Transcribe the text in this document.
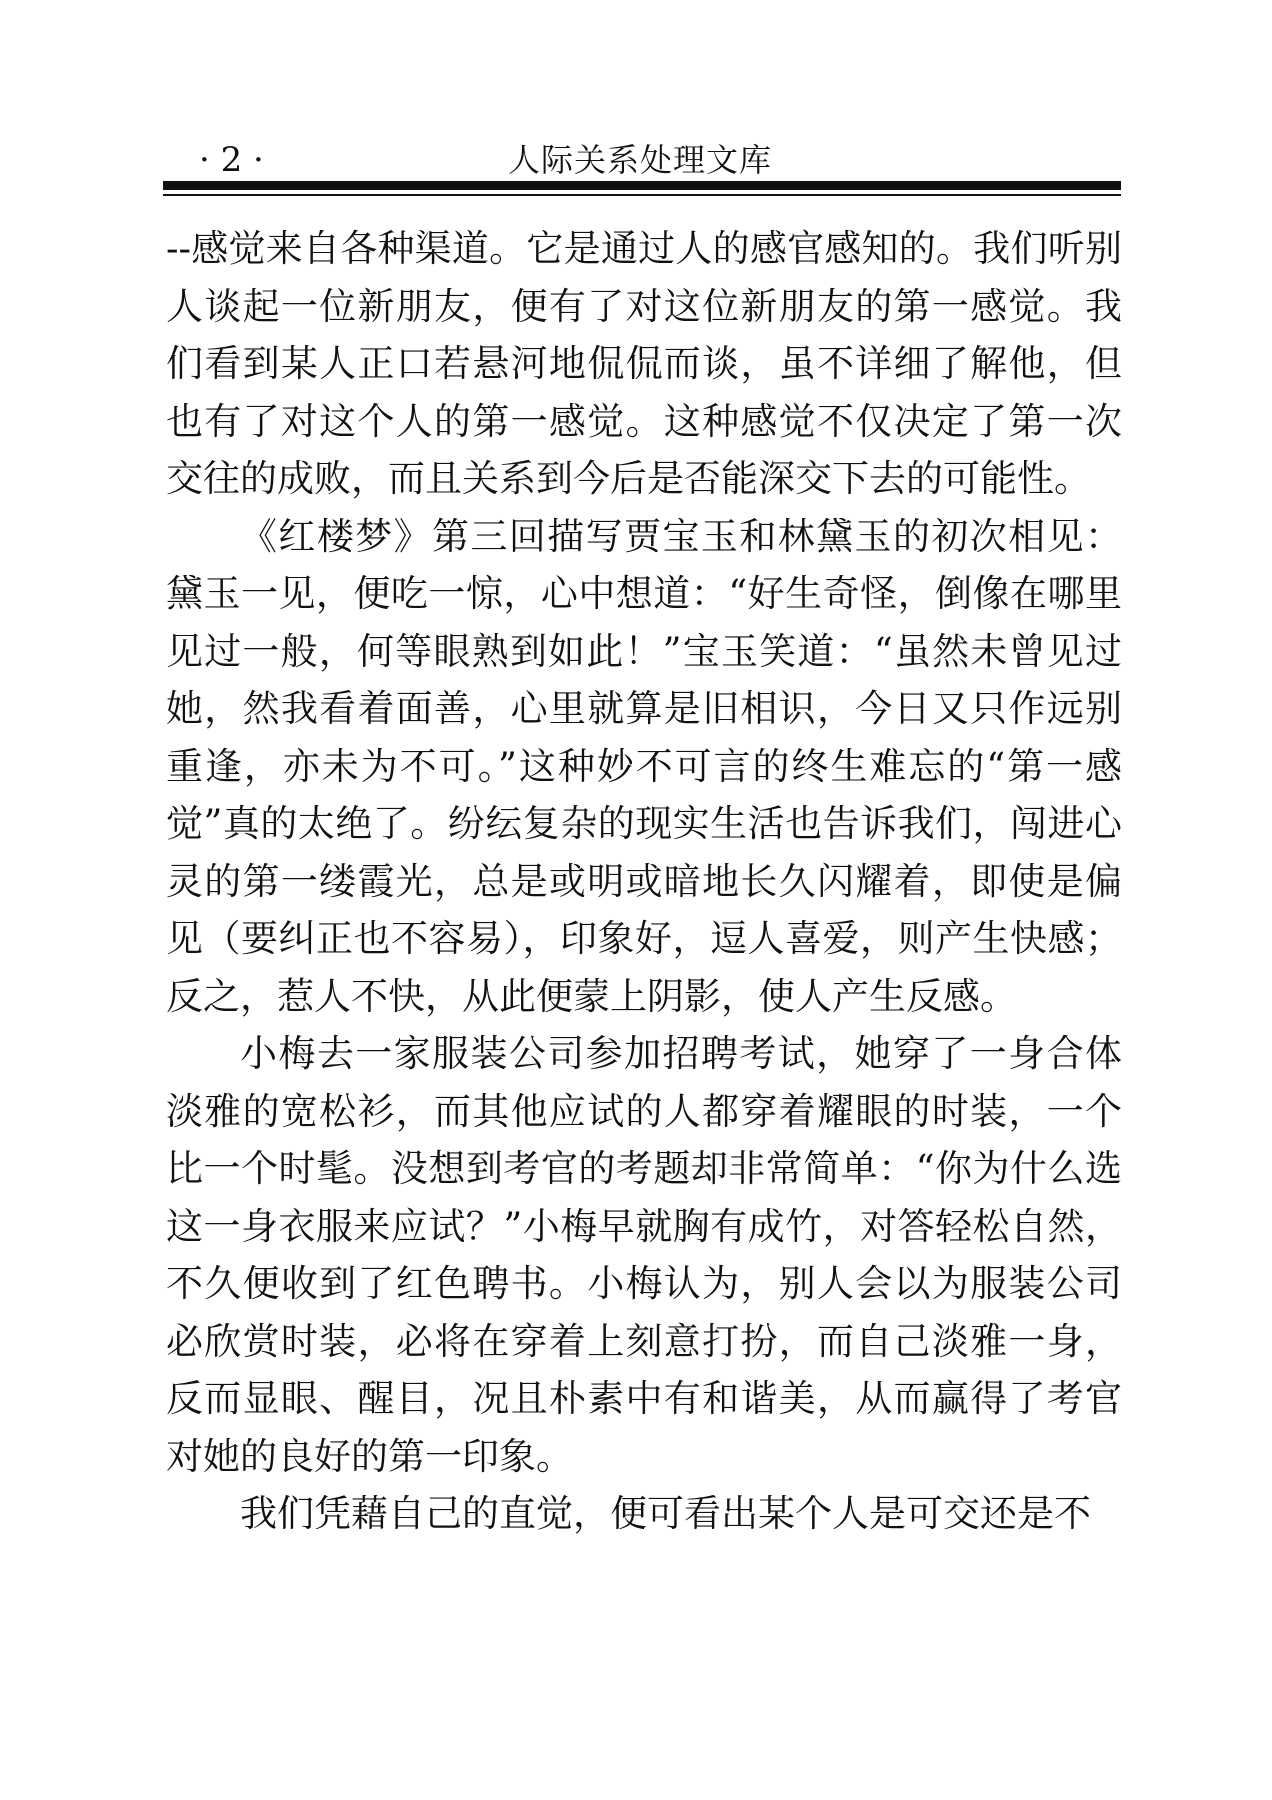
· 2 ·	人际关系处理文库

--感觉来自各种渠道。它是通过人的感官感知的。我们听别人谈起一位新朋友，便有了对这位新朋友的第一感觉。我们看到某人正口若悬河地侃侃而谈，虽不详细了解他，但也有了对这个人的第一感觉。这种感觉不仅决定了第一次交往的成败，而且关系到今后是否能深交下去的可能性。

《红楼梦》第三回描写贾宝玉和林黛玉的初次相见：黛玉一见，便吃一惊，心中想道：“好生奇怪，倒像在哪里见过一般，何等眼熟到如此！”宝玉笑道：“虽然未曾见过她，然我看着面善，心里就算是旧相识，今日又只作远别重逢，亦未为不可。”这种妙不可言的终生难忘的“第一感觉”真的太绝了。纷纭复杂的现实生活也告诉我们，闯进心灵的第一缕霞光，总是或明或暗地长久闪耀着，即使是偏见（要纠正也不容易），印象好，逗人喜爱，则产生快感；反之，惹人不快，从此便蒙上阴影，使人产生反感。

小梅去一家服装公司参加招聘考试，她穿了一身合体淡雅的宽松衫，而其他应试的人都穿着耀眼的时装，一个比一个时髦。没想到考官的考题却非常简单：“你为什么选这一身衣服来应试？”小梅早就胸有成竹，对答轻松自然，不久便收到了红色聘书。小梅认为，别人会以为服装公司必欣赏时装，必将在穿着上刻意打扮，而自己淡雅一身，反而显眼、醒目，况且朴素中有和谐美，从而赢得了考官对她的良好的第一印象。

我们凭藉自己的直觉，便可看出某个人是可交还是不
